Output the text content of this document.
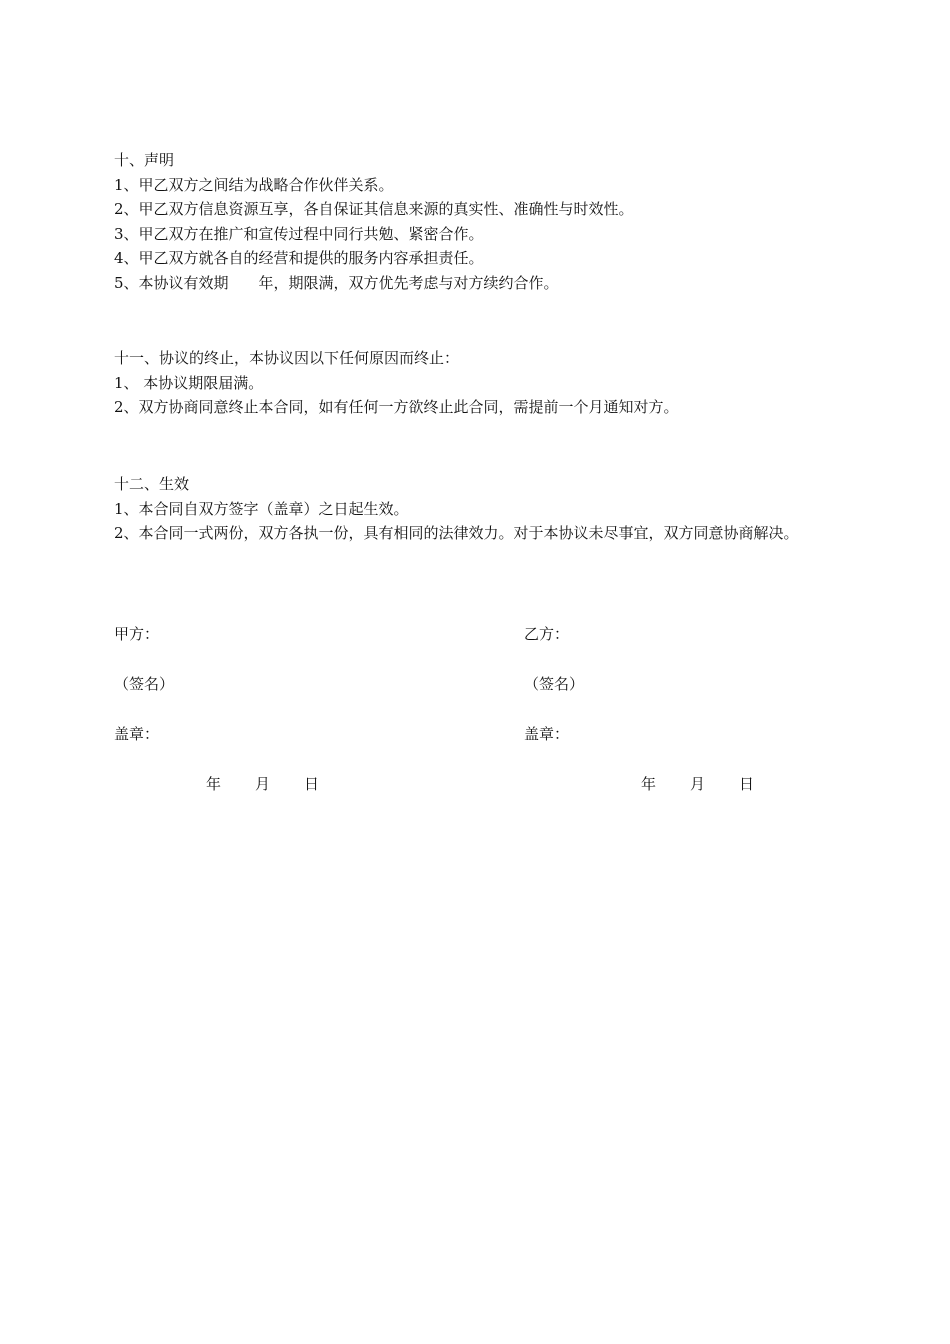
十、声明
1、甲乙双方之间结为战略合作伙伴关系。
2、甲乙双方信息资源互享，各自保证其信息来源的真实性、准确性与时效性。
3、甲乙双方在推广和宣传过程中同行共勉、紧密合作。
4、甲乙双方就各自的经营和提供的服务内容承担责任。
5、本协议有效期　　年，期限满，双方优先考虑与对方续约合作。
十一、协议的终止，本协议因以下任何原因而终止：
1、 本协议期限届满。
2、双方协商同意终止本合同，如有任何一方欲终止此合同，需提前一个月通知对方。
十二、生效
1、本合同自双方签字（盖章）之日起生效。
2、本合同一式两份，双方各执一份，具有相同的法律效力。对于本协议未尽事宜，双方同意协商解决。
甲方：
（签名）
盖章：
乙方：
（签名）
盖章：
年 月 日	年 月 日
